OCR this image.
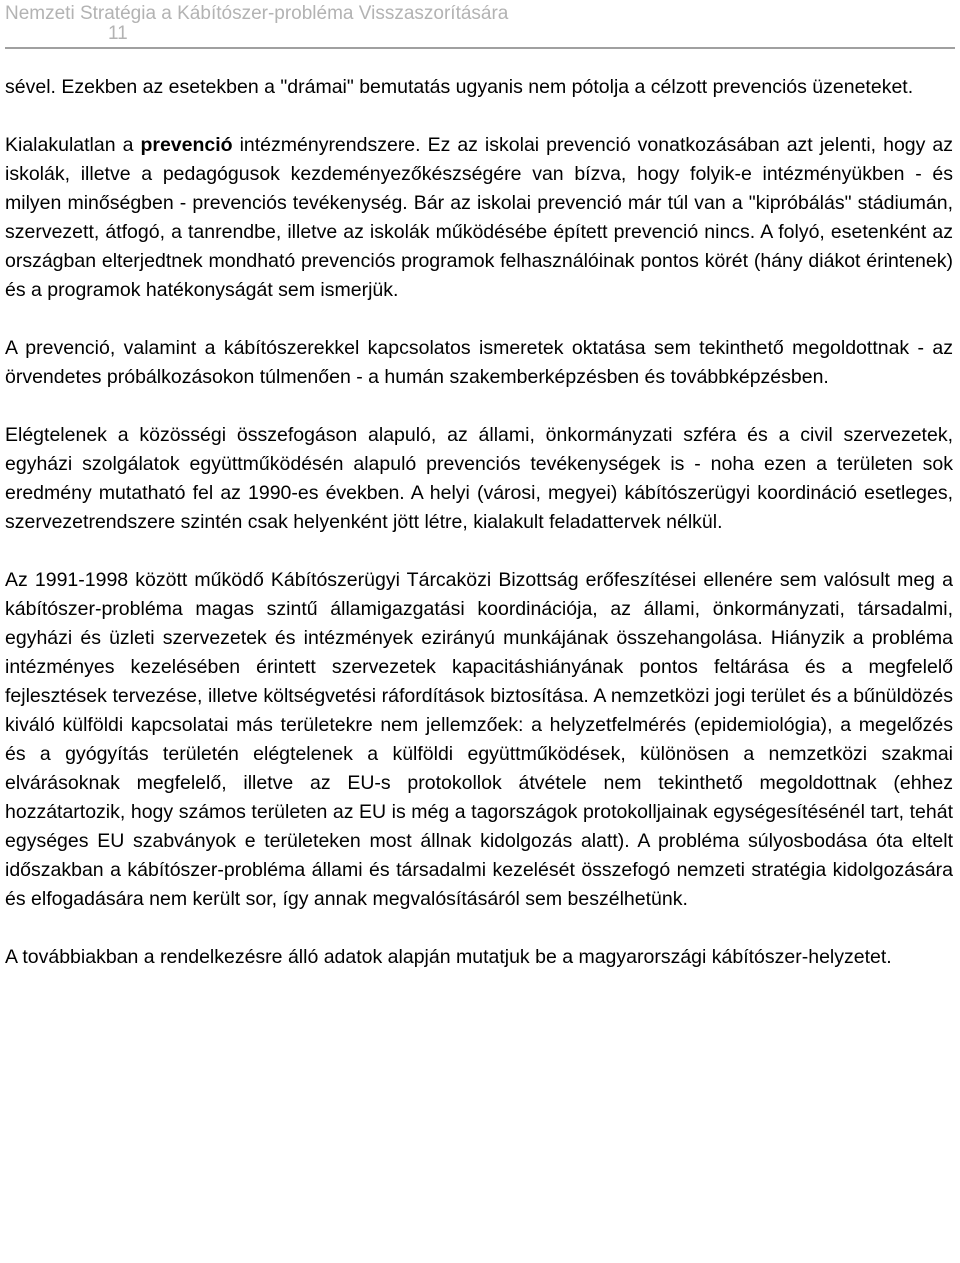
Nemzeti Stratégia a Kábítószer-probléma Visszaszorítására
11

sével. Ezekben az esetekben a "drámai" bemutatás ugyanis nem pótolja a célzott prevenciós üzeneteket.

Kialakulatlan a prevenció intézményrendszere. Ez az iskolai prevenció vonatkozásában azt jelenti, hogy az iskolák, illetve a pedagógusok kezdeményezőkészségére van bízva, hogy folyik-e intézményükben - és milyen minőségben - prevenciós tevékenység. Bár az iskolai prevenció már túl van a "kipróbálás" stádiumán, szervezett, átfogó, a tanrendbe, illetve az iskolák működésébe épített prevenció nincs. A folyó, esetenként az országban elterjedtnek mondható prevenciós programok felhasználóinak pontos körét (hány diákot érintenek) és a programok hatékonyságát sem ismerjük.

A prevenció, valamint a kábítószerekkel kapcsolatos ismeretek oktatása sem tekinthető megoldottnak - az örvendetes próbálkozásokon túlmenően - a humán szakemberképzésben és továbbképzésben.

Elégtelenek a közösségi összefogáson alapuló, az állami, önkormányzati szféra és a civil szervezetek, egyházi szolgálatok együttműködésén alapuló prevenciós tevékenységek is - noha ezen a területen sok eredmény mutatható fel az 1990-es években. A helyi (városi, megyei) kábítószerügyi koordináció esetleges, szervezetrendszere szintén csak helyenként jött létre, kialakult feladattervek nélkül.

Az 1991-1998 között működő Kábítószerügyi Tárcaközi Bizottság erőfeszítései ellenére sem valósult meg a kábítószer-probléma magas szintű államigazgatási koordinációja, az állami, önkormányzati, társadalmi, egyházi és üzleti szervezetek és intézmények ezirányú munkájának összehangolása. Hiányzik a probléma intézményes kezelésében érintett szervezetek kapacitáshiányának pontos feltárása és a megfelelő fejlesztések tervezése, illetve költségvetési ráfordítások biztosítása. A nemzetközi jogi terület és a bűnüldözés kiváló külföldi kapcsolatai más területekre nem jellemzőek: a helyzetfelmérés (epidemiológia), a megelőzés és a gyógyítás területén elégtelenek a külföldi együttműködések, különösen a nemzetközi szakmai elvárásoknak megfelelő, illetve az EU-s protokollok átvétele nem tekinthető megoldottnak (ehhez hozzátartozik, hogy számos területen az EU is még a tagországok protokolljainak egységesítésénél tart, tehát egységes EU szabványok e területeken most állnak kidolgozás alatt). A probléma súlyosbodása óta eltelt időszakban a kábítószer-probléma állami és társadalmi kezelését összefogó nemzeti stratégia kidolgozására és elfogadására nem került sor, így annak megvalósításáról sem beszélhetünk.

A továbbiakban a rendelkezésre álló adatok alapján mutatjuk be a magyarországi kábítószer-helyzetet.
